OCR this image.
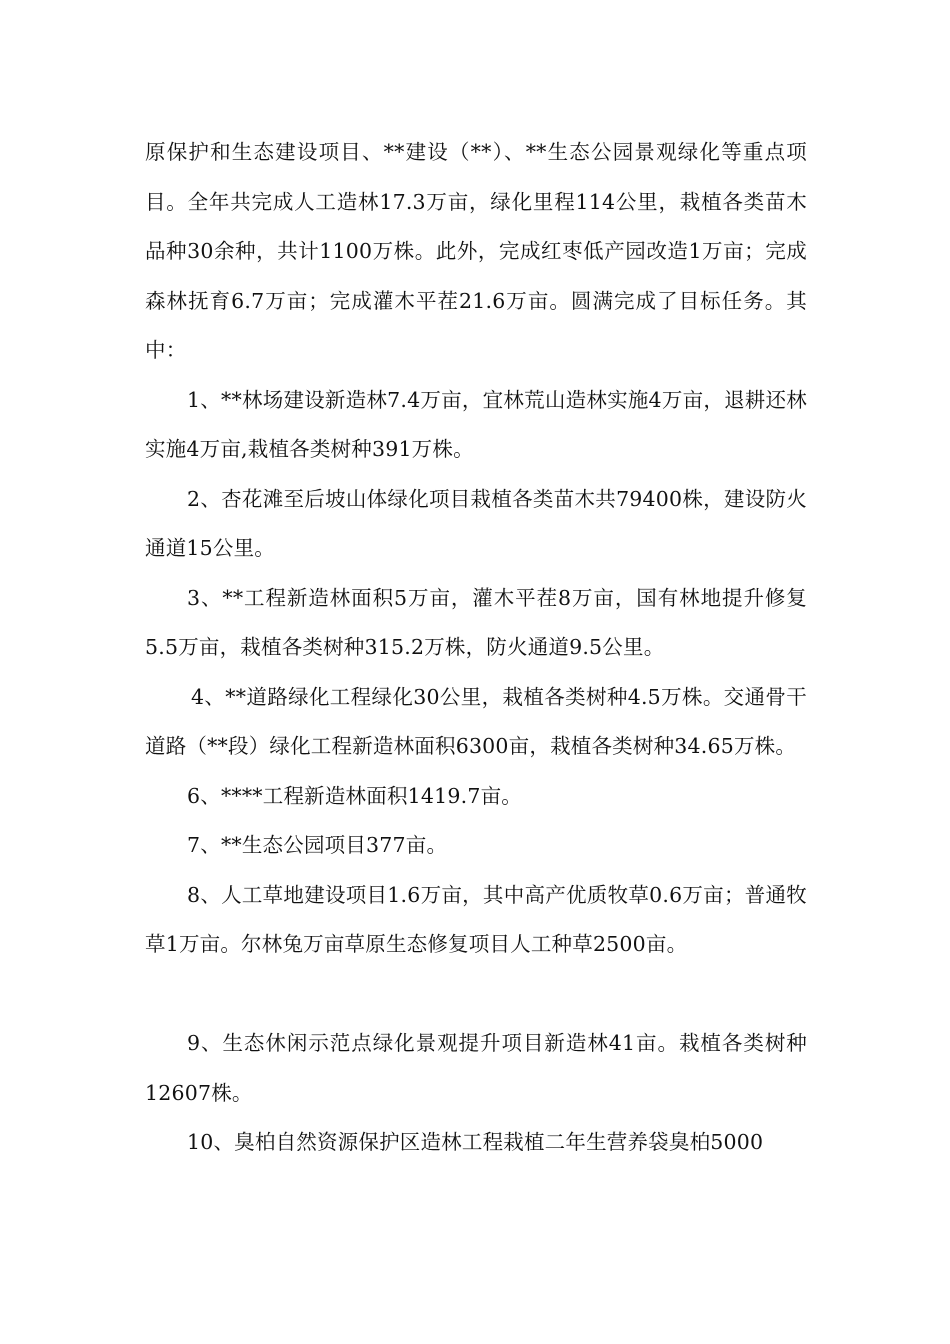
原保护和生态建设项目、**建设（**）、**生态公园景观绿化等重点项目。全年共完成人工造林17.3万亩，绿化里程114公里，栽植各类苗木品种30余种，共计1100万株。此外，完成红枣低产园改造1万亩；完成森林抚育6.7万亩；完成灌木平茬21.6万亩。圆满完成了目标任务。其中：

1、**林场建设新造林7.4万亩，宜林荒山造林实施4万亩，退耕还林实施4万亩,栽植各类树种391万株。

2、杏花滩至后坡山体绿化项目栽植各类苗木共79400株，建设防火通道15公里。

3、**工程新造林面积5万亩，灌木平茬8万亩，国有林地提升修复5.5万亩，栽植各类树种315.2万株，防火通道9.5公里。

4、**道路绿化工程绿化30公里，栽植各类树种4.5万株。交通骨干道路（**段）绿化工程新造林面积6300亩，栽植各类树种34.65万株。

6、****工程新造林面积1419.7亩。

7、**生态公园项目377亩。

8、人工草地建设项目1.6万亩，其中高产优质牧草0.6万亩；普通牧草1万亩。尔林兔万亩草原生态修复项目人工种草2500亩。

9、生态休闲示范点绿化景观提升项目新造林41亩。栽植各类树种12607株。

10、臭柏自然资源保护区造林工程栽植二年生营养袋臭柏5000
